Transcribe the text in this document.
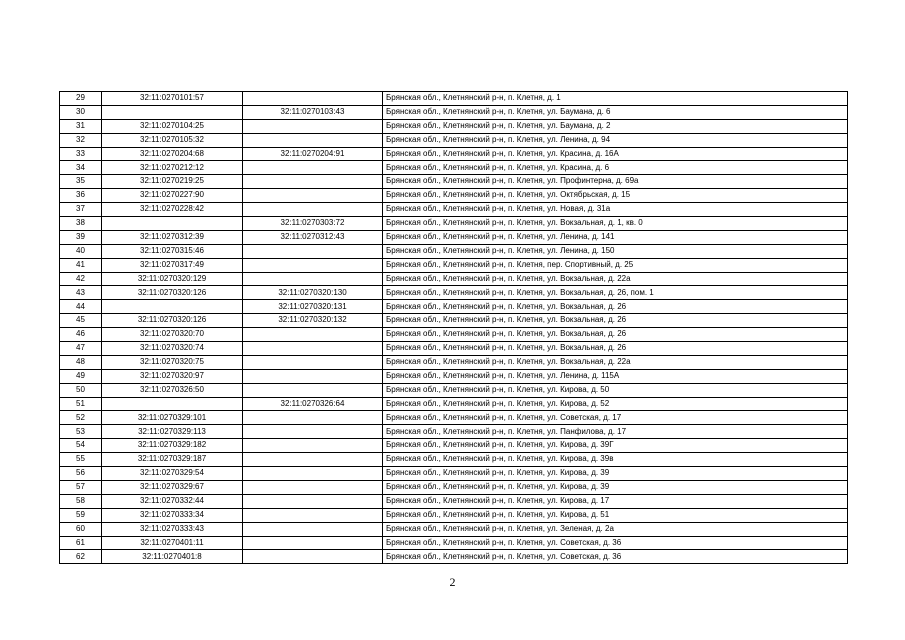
29	32:11:0270101:57		Брянская обл., Клетнянский р-н, п. Клетня, д. 1
30		32:11:0270103:43	Брянская обл., Клетнянский р-н, п. Клетня, ул. Баумана, д. 6
31	32:11:0270104:25		Брянская обл., Клетнянский р-н, п. Клетня, ул. Баумана, д. 2
32	32:11:0270105:32		Брянская обл., Клетнянский р-н, п. Клетня, ул. Ленина, д. 94
33	32:11:0270204:68	32:11:0270204:91	Брянская обл., Клетнянский р-н, п. Клетня, ул. Красина, д. 16А
34	32:11:0270212:12		Брянская обл., Клетнянский р-н, п. Клетня, ул. Красина, д. 6
35	32:11:0270219:25		Брянская обл., Клетнянский р-н, п. Клетня, ул. Профинтерна, д. 69а
36	32:11:0270227:90		Брянская обл., Клетнянский р-н, п. Клетня, ул. Октябрьская, д. 15
37	32:11:0270228:42		Брянская обл., Клетнянский р-н, п. Клетня, ул. Новая, д. 31а
38		32:11:0270303:72	Брянская обл., Клетнянский р-н, п. Клетня, ул. Вокзальная, д. 1, кв. 0
39	32:11:0270312:39	32:11:0270312:43	Брянская обл., Клетнянский р-н, п. Клетня, ул. Ленина, д. 141
40	32:11:0270315:46		Брянская обл., Клетнянский р-н, п. Клетня, ул. Ленина, д. 150
41	32:11:0270317:49		Брянская обл., Клетнянский р-н, п. Клетня, пер. Спортивный, д. 25
42	32:11:0270320:129		Брянская обл., Клетнянский р-н, п. Клетня, ул. Вокзальная, д. 22а
43	32:11:0270320:126	32:11:0270320:130	Брянская обл., Клетнянский р-н, п. Клетня, ул. Вокзальная, д. 26, пом. 1
44		32:11:0270320:131	Брянская обл., Клетнянский р-н, п. Клетня, ул. Вокзальная, д. 26
45	32:11:0270320:126	32:11:0270320:132	Брянская обл., Клетнянский р-н, п. Клетня, ул. Вокзальная, д. 26
46	32:11:0270320:70		Брянская обл., Клетнянский р-н, п. Клетня, ул. Вокзальная, д. 26
47	32:11:0270320:74		Брянская обл., Клетнянский р-н, п. Клетня, ул. Вокзальная, д. 26
48	32:11:0270320:75		Брянская обл., Клетнянский р-н, п. Клетня, ул. Вокзальная, д. 22а
49	32:11:0270320:97		Брянская обл., Клетнянский р-н, п. Клетня, ул. Ленина, д. 115А
50	32:11:0270326:50		Брянская обл., Клетнянский р-н, п. Клетня, ул. Кирова, д. 50
51		32:11:0270326:64	Брянская обл., Клетнянский р-н, п. Клетня, ул. Кирова, д. 52
52	32:11:0270329:101		Брянская обл., Клетнянский р-н, п. Клетня, ул. Советская, д. 17
53	32:11:0270329:113		Брянская обл., Клетнянский р-н, п. Клетня, ул. Панфилова, д. 17
54	32:11:0270329:182		Брянская обл., Клетнянский р-н, п. Клетня, ул. Кирова, д. 39Г
55	32:11:0270329:187		Брянская обл., Клетнянский р-н, п. Клетня, ул. Кирова, д. 39в
56	32:11:0270329:54		Брянская обл., Клетнянский р-н, п. Клетня, ул. Кирова, д. 39
57	32:11:0270329:67		Брянская обл., Клетнянский р-н, п. Клетня, ул. Кирова, д. 39
58	32:11:0270332:44		Брянская обл., Клетнянский р-н, п. Клетня, ул. Кирова, д. 17
59	32:11:0270333:34		Брянская обл., Клетнянский р-н, п. Клетня, ул. Кирова, д. 51
60	32:11:0270333:43		Брянская обл., Клетнянский р-н, п. Клетня, ул. Зеленая, д. 2а
61	32:11:0270401:11		Брянская обл., Клетнянский р-н, п. Клетня, ул. Советская, д. 36
62	32:11:0270401:8		Брянская обл., Клетнянский р-н, п. Клетня, ул. Советская, д. 36
2
